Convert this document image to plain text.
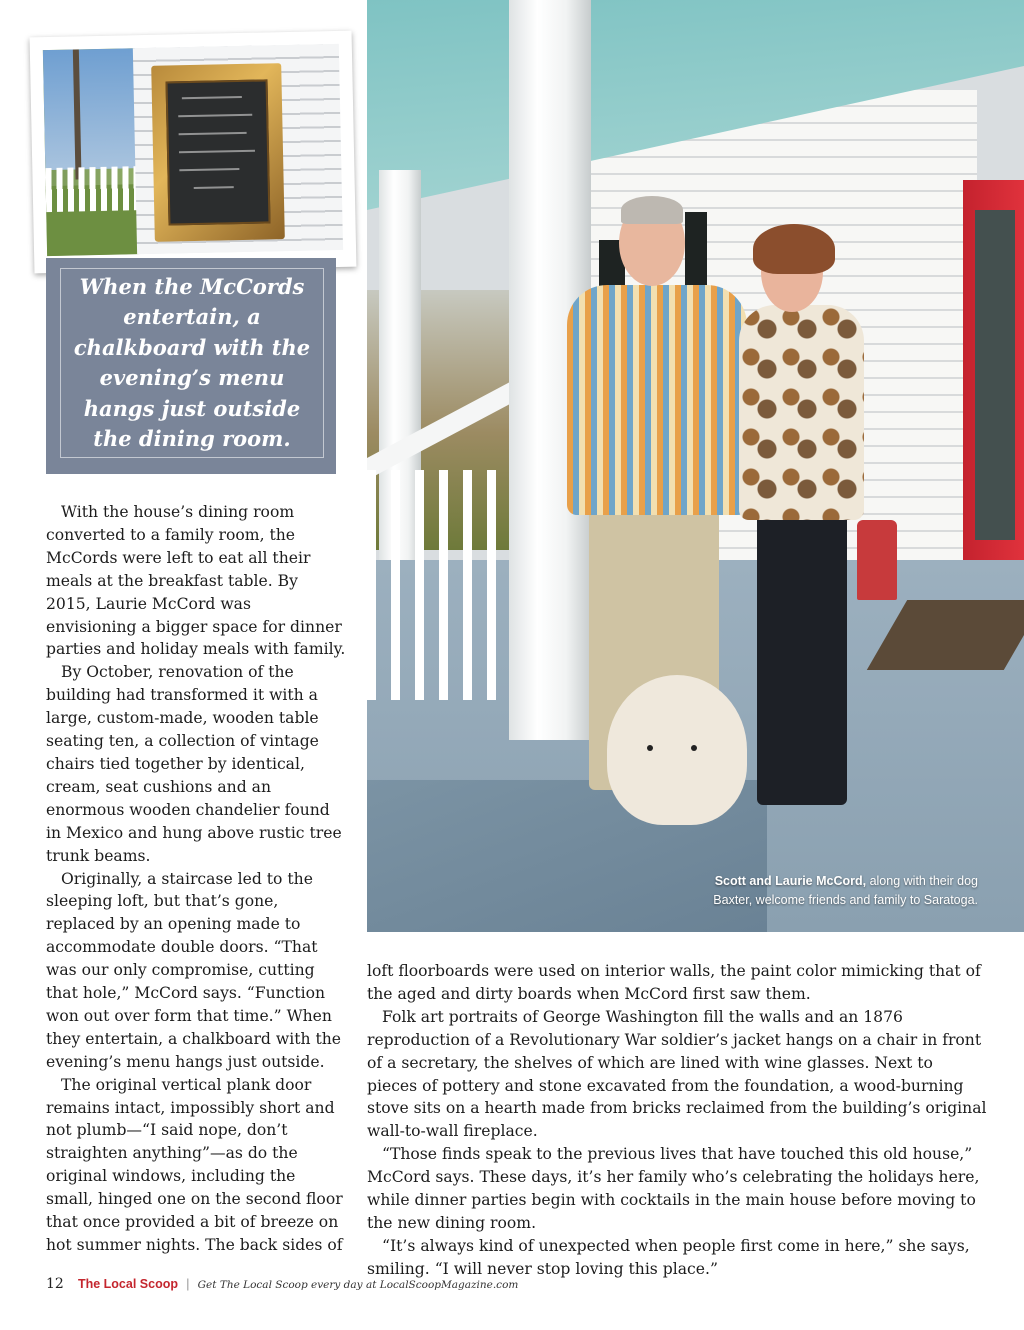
When the McCords entertain, a chalkboard with the evening’s menu hangs just outside the dining room.

With the house’s dining room converted to a family room, the McCords were left to eat all their meals at the breakfast table. By 2015, Laurie McCord was envisioning a bigger space for dinner parties and holiday meals with family.

By October, renovation of the building had transformed it with a large, custom-made, wooden table seating ten, a collection of vintage chairs tied together by identical, cream, seat cushions and an enormous wooden chandelier found in Mexico and hung above rustic tree trunk beams.

Originally, a staircase led to the sleeping loft, but that’s gone, replaced by an opening made to accommodate double doors. “That was our only compromise, cutting that hole,” McCord says. “Function won out over form that time.” When they entertain, a chalkboard with the evening’s menu hangs just outside.

The original vertical plank door remains intact, impossibly short and not plumb—“I said nope, don’t straighten anything”—as do the original windows, including the small, hinged one on the second floor that once provided a bit of breeze on hot summer nights. The back sides of

Scott and Laurie McCord, along with their dog Baxter, welcome friends and family to Saratoga.

loft floorboards were used on interior walls, the paint color mimicking that of the aged and dirty boards when McCord first saw them.

Folk art portraits of George Washington fill the walls and an 1876 reproduction of a Revolutionary War soldier’s jacket hangs on a chair in front of a secretary, the shelves of which are lined with wine glasses. Next to pieces of pottery and stone excavated from the foundation, a wood-burning stove sits on a hearth made from bricks reclaimed from the building’s original wall-to-wall fireplace.

“Those finds speak to the previous lives that have touched this old house,” McCord says. These days, it’s her family who’s celebrating the holidays here, while dinner parties begin with cocktails in the main house before moving to the new dining room.

“It’s always kind of unexpected when people first come in here,” she says, smiling. “I will never stop loving this place.”

12 The Local Scoop | Get The Local Scoop every day at LocalScoopMagazine.com
